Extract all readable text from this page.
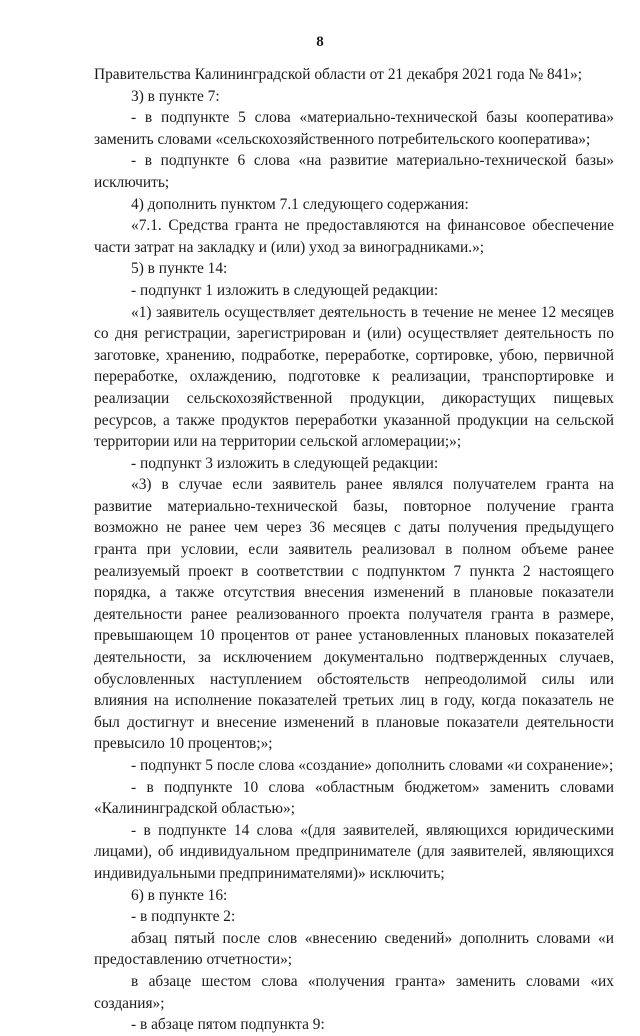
8

Правительства Калининградской области от 21 декабря 2021 года № 841»;

3) в пункте 7:

- в подпункте 5 слова «материально-технической базы кооператива» заменить словами «сельскохозяйственного потребительского кооператива»;

- в подпункте 6 слова «на развитие материально-технической базы» исключить;

4) дополнить пунктом 7.1 следующего содержания:

«7.1. Средства гранта не предоставляются на финансовое обеспечение части затрат на закладку и (или) уход за виноградниками.»;

5) в пункте 14:

- подпункт 1 изложить в следующей редакции:

«1) заявитель осуществляет деятельность в течение не менее 12 месяцев со дня регистрации, зарегистрирован и (или) осуществляет деятельность по заготовке, хранению, подработке, переработке, сортировке, убою, первичной переработке, охлаждению, подготовке к реализации, транспортировке и реализации сельскохозяйственной продукции, дикорастущих пищевых ресурсов, а также продуктов переработки указанной продукции на сельской территории или на территории сельской агломерации;»;

- подпункт 3 изложить в следующей редакции:

«3) в случае если заявитель ранее являлся получателем гранта на развитие материально-технической базы, повторное получение гранта возможно не ранее чем через 36 месяцев с даты получения предыдущего гранта при условии, если заявитель реализовал в полном объеме ранее реализуемый проект в соответствии с подпунктом 7 пункта 2 настоящего порядка, а также отсутствия внесения изменений в плановые показатели деятельности ранее реализованного проекта получателя гранта в размере, превышающем 10 процентов от ранее установленных плановых показателей деятельности, за исключением документально подтвержденных случаев, обусловленных наступлением обстоятельств непреодолимой силы или влияния на исполнение показателей третьих лиц в году, когда показатель не был достигнут и внесение изменений в плановые показатели деятельности превысило 10 процентов;»;

- подпункт 5 после слова «создание» дополнить словами «и сохранение»;

- в подпункте 10 слова «областным бюджетом» заменить словами «Калининградской областью»;

- в подпункте 14 слова «(для заявителей, являющихся юридическими лицами), об индивидуальном предпринимателе (для заявителей, являющихся индивидуальными предпринимателями)» исключить;

6) в пункте 16:

- в подпункте 2:

абзац пятый после слов «внесению сведений» дополнить словами «и предоставлению отчетности»;

в абзаце шестом слова «получения гранта» заменить словами «их создания»;

- в абзаце пятом подпункта 9:
